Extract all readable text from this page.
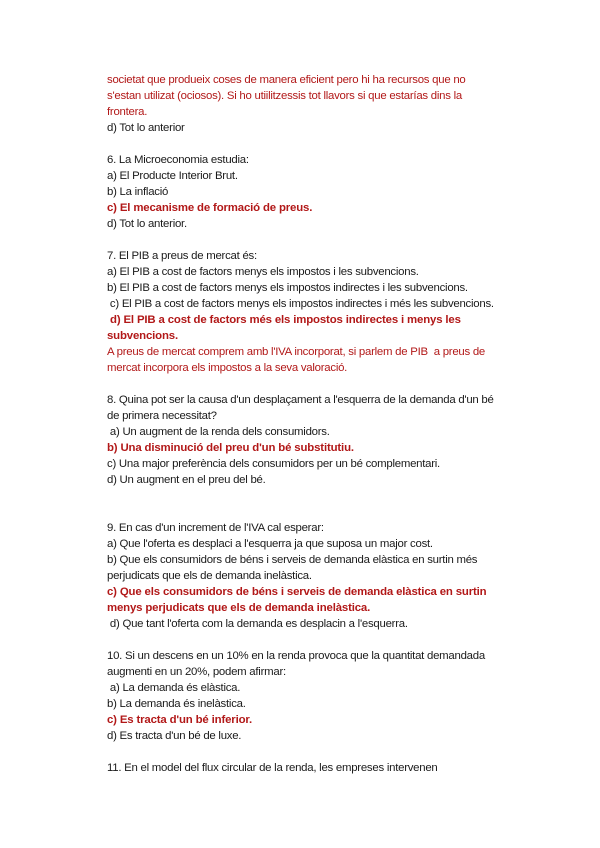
societat que produeix coses de manera eficient pero hi ha recursos que no
s'estan utilizat (ociosos). Si ho utiilitzessis tot llavors si que estarías dins la
frontera.
d) Tot lo anterior
6. La Microeconomia estudia:
a) El Producte Interior Brut.
b) La inflació
c) El mecanisme de formació de preus.
d) Tot lo anterior.
7. El PIB a preus de mercat és:
a) El PIB a cost de factors menys els impostos i les subvencions.
b) El PIB a cost de factors menys els impostos indirectes i les subvencions.
c) El PIB a cost de factors menys els impostos indirectes i més les subvencions.
d) El PIB a cost de factors més els impostos indirectes i menys les
subvencions.
A preus de mercat comprem amb l'IVA incorporat, si parlem de PIB  a preus de
mercat incorpora els impostos a la seva valoració.
8. Quina pot ser la causa d'un desplaçament a l'esquerra de la demanda d'un bé
de primera necessitat?
a) Un augment de la renda dels consumidors.
b) Una disminució del preu d'un bé substitutiu.
c) Una major preferència dels consumidors per un bé complementari.
d) Un augment en el preu del bé.
9. En cas d'un increment de l'IVA cal esperar:
a) Que l'oferta es desplaci a l'esquerra ja que suposa un major cost.
b) Que els consumidors de béns i serveis de demanda elàstica en surtin més
perjudicats que els de demanda inelàstica.
c) Que els consumidors de béns i serveis de demanda elàstica en surtin
menys perjudicats que els de demanda inelàstica.
d) Que tant l'oferta com la demanda es desplacin a l'esquerra.
10. Si un descens en un 10% en la renda provoca que la quantitat demandada
augmenti en un 20%, podem afirmar:
a) La demanda és elàstica.
b) La demanda és inelàstica.
c) Es tracta d'un bé inferior.
d) Es tracta d'un bé de luxe.
11. En el model del flux circular de la renda, les empreses intervenen
